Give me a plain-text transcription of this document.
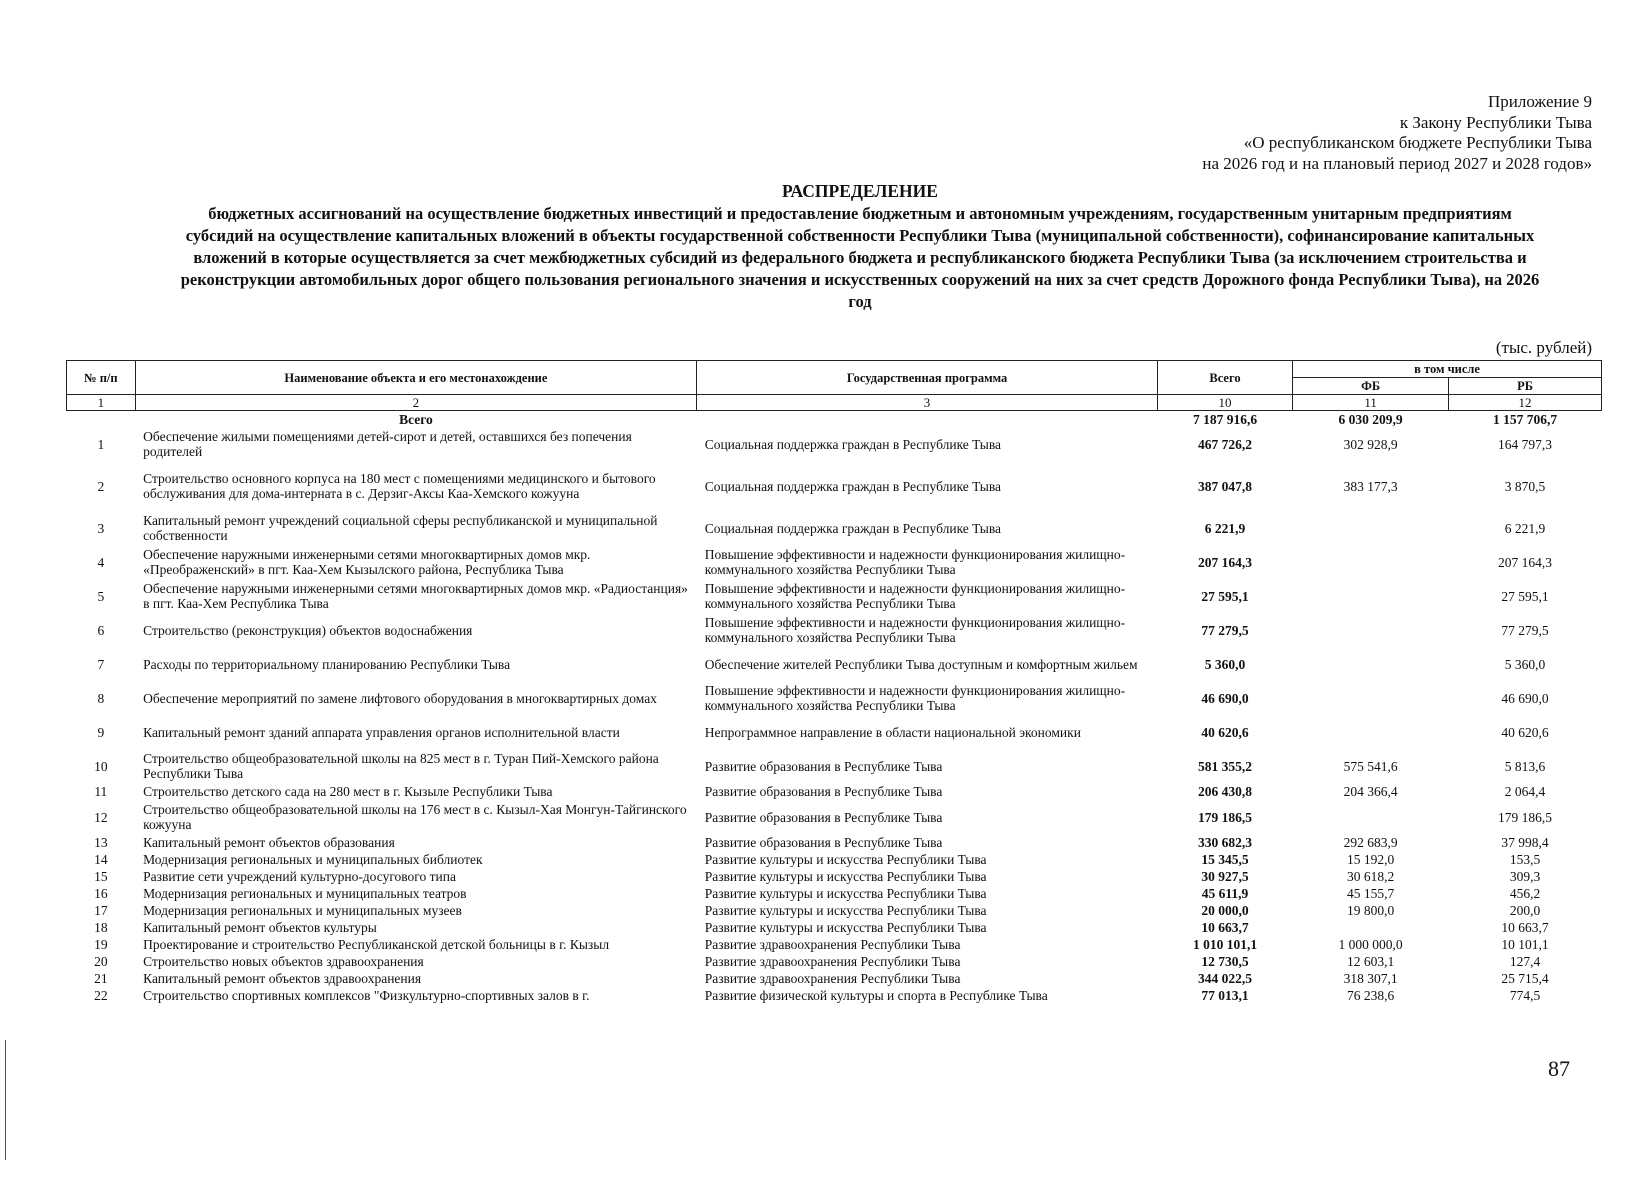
Приложение 9
к Закону Республики Тыва
«О республиканском бюджете Республики Тыва
на 2026 год и на плановый период 2027 и 2028 годов»
РАСПРЕДЕЛЕНИЕ
бюджетных ассигнований на осуществление бюджетных инвестиций и предоставление бюджетным и автономным учреждениям, государственным унитарным предприятиям субсидий на осуществление капитальных вложений в объекты государственной собственности Республики Тыва (муниципальной собственности), софинансирование капитальных вложений в которые осуществляется за счет межбюджетных субсидий из федерального бюджета и республиканского бюджета Республики Тыва (за исключением строительства и реконструкции автомобильных дорог общего пользования регионального значения и искусственных сооружений на них за счет средств Дорожного фонда Республики Тыва), на 2026 год
(тыс. рублей)
№ п/п	Наименование объекта и его местонахождение	Государственная программа	Всего	в том числе	
				ФБ	РБ
1	2	3	10	11	12
	Всего		7 187 916,6	6 030 209,9	1 157 706,7
1	Обеспечение жилыми помещениями детей-сирот и детей, оставшихся без попечения родителей	Социальная поддержка граждан в Республике Тыва	467 726,2	302 928,9	164 797,3
2	Строительство основного корпуса на 180 мест с помещениями медицинского и бытового обслуживания для дома-интерната в с. Дерзиг-Аксы Каа-Хемского кожууна	Социальная поддержка граждан в Республике Тыва	387 047,8	383 177,3	3 870,5
3	Капитальный ремонт учреждений социальной сферы республиканской и муниципальной собственности	Социальная поддержка граждан в Республике Тыва	6 221,9		6 221,9
4	Обеспечение наружными инженерными сетями многоквартирных домов мкр. «Преображенский» в пгт. Каа-Хем Кызылского района, Республика Тыва	Повышение эффективности и надежности функционирования жилищно-коммунального хозяйства Республики Тыва	207 164,3		207 164,3
5	Обеспечение наружными инженерными сетями многоквартирных домов мкр. «Радиостанция» в пгт. Каа-Хем Республика Тыва	Повышение эффективности и надежности функционирования жилищно-коммунального хозяйства Республики Тыва	27 595,1		27 595,1
6	Строительство (реконструкция) объектов водоснабжения	Повышение эффективности и надежности функционирования жилищно-коммунального хозяйства Республики Тыва	77 279,5		77 279,5
7	Расходы по территориальному планированию Республики Тыва	Обеспечение жителей Республики Тыва доступным и комфортным жильем	5 360,0		5 360,0
8	Обеспечение мероприятий по замене лифтового оборудования в многоквартирных домах	Повышение эффективности и надежности функционирования жилищно-коммунального хозяйства Республики Тыва	46 690,0		46 690,0
9	Капитальный ремонт зданий аппарата управления органов исполнительной власти	Непрограммное направление в области национальной экономики	40 620,6		40 620,6
10	Строительство общеобразовательной школы на 825 мест в г. Туран Пий-Хемского района Республики Тыва	Развитие образования в Республике Тыва	581 355,2	575 541,6	5 813,6
11	Строительство детского сада на 280 мест в г. Кызыле Республики Тыва	Развитие образования в Республике Тыва	206 430,8	204 366,4	2 064,4
12	Строительство общеобразовательной школы на 176 мест в с. Кызыл-Хая Монгун-Тайгинского кожууна	Развитие образования в Республике Тыва	179 186,5		179 186,5
13	Капитальный ремонт объектов образования	Развитие образования в Республике Тыва	330 682,3	292 683,9	37 998,4
14	Модернизация региональных и муниципальных библиотек	Развитие культуры и искусства Республики Тыва	15 345,5	15 192,0	153,5
15	Развитие сети учреждений культурно-досугового типа	Развитие культуры и искусства Республики Тыва	30 927,5	30 618,2	309,3
16	Модернизация региональных и муниципальных театров	Развитие культуры и искусства Республики Тыва	45 611,9	45 155,7	456,2
17	Модернизация региональных и муниципальных музеев	Развитие культуры и искусства Республики Тыва	20 000,0	19 800,0	200,0
18	Капитальный ремонт объектов культуры	Развитие культуры и искусства Республики Тыва	10 663,7		10 663,7
19	Проектирование и строительство Республиканской детской больницы в г. Кызыл	Развитие здравоохранения Республики Тыва	1 010 101,1	1 000 000,0	10 101,1
20	Строительство новых объектов здравоохранения	Развитие здравоохранения Республики Тыва	12 730,5	12 603,1	127,4
21	Капитальный ремонт объектов здравоохранения	Развитие здравоохранения Республики Тыва	344 022,5	318 307,1	25 715,4
22	Строительство спортивных комплексов "Физкультурно-спортивных залов в г.	Развитие физической культуры и спорта в Республике Тыва	77 013,1	76 238,6	774,5
87
